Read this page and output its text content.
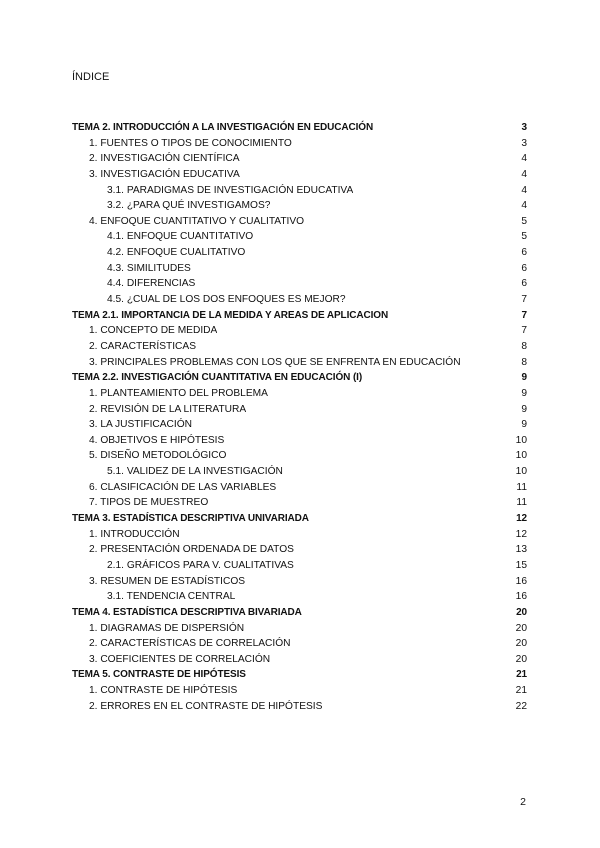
ÍNDICE
TEMA 2. INTRODUCCIÓN A LA INVESTIGACIÓN EN EDUCACIÓN	3
1. FUENTES O TIPOS DE CONOCIMIENTO	3
2. INVESTIGACIÓN CIENTÍFICA	4
3. INVESTIGACIÓN EDUCATIVA	4
3.1. PARADIGMAS DE INVESTIGACIÓN EDUCATIVA	4
3.2. ¿PARA QUÉ INVESTIGAMOS?	4
4. ENFOQUE CUANTITATIVO Y CUALITATIVO	5
4.1. ENFOQUE CUANTITATIVO	5
4.2. ENFOQUE CUALITATIVO	6
4.3. SIMILITUDES	6
4.4. DIFERENCIAS	6
4.5. ¿CUAL DE LOS DOS ENFOQUES ES MEJOR?	7
TEMA 2.1. IMPORTANCIA DE LA MEDIDA Y AREAS DE APLICACION	7
1. CONCEPTO DE MEDIDA	7
2. CARACTERÍSTICAS	8
3. PRINCIPALES PROBLEMAS CON LOS QUE SE ENFRENTA EN EDUCACIÓN	8
TEMA 2.2. INVESTIGACIÓN CUANTITATIVA EN EDUCACIÓN (I)	9
1. PLANTEAMIENTO DEL PROBLEMA	9
2. REVISIÓN DE LA LITERATURA	9
3. LA JUSTIFICACIÓN	9
4. OBJETIVOS E HIPÓTESIS	10
5. DISEÑO METODOLÓGICO	10
5.1. VALIDEZ DE LA INVESTIGACIÓN	10
6. CLASIFICACIÓN DE LAS VARIABLES	11
7. TIPOS DE MUESTREO	11
TEMA 3. ESTADÍSTICA DESCRIPTIVA UNIVARIADA	12
1. INTRODUCCIÓN	12
2. PRESENTACIÓN ORDENADA DE DATOS	13
2.1. GRÁFICOS PARA V. CUALITATIVAS	15
3. RESUMEN DE ESTADÍSTICOS	16
3.1. TENDENCIA CENTRAL	16
TEMA 4. ESTADÍSTICA DESCRIPTIVA BIVARIADA	20
1. DIAGRAMAS DE DISPERSIÓN	20
2. CARACTERÍSTICAS DE CORRELACIÓN	20
3. COEFICIENTES DE CORRELACIÓN	20
TEMA 5. CONTRASTE DE HIPÓTESIS	21
1. CONTRASTE DE HIPÓTESIS	21
2. ERRORES EN EL CONTRASTE DE HIPÓTESIS	22
2
